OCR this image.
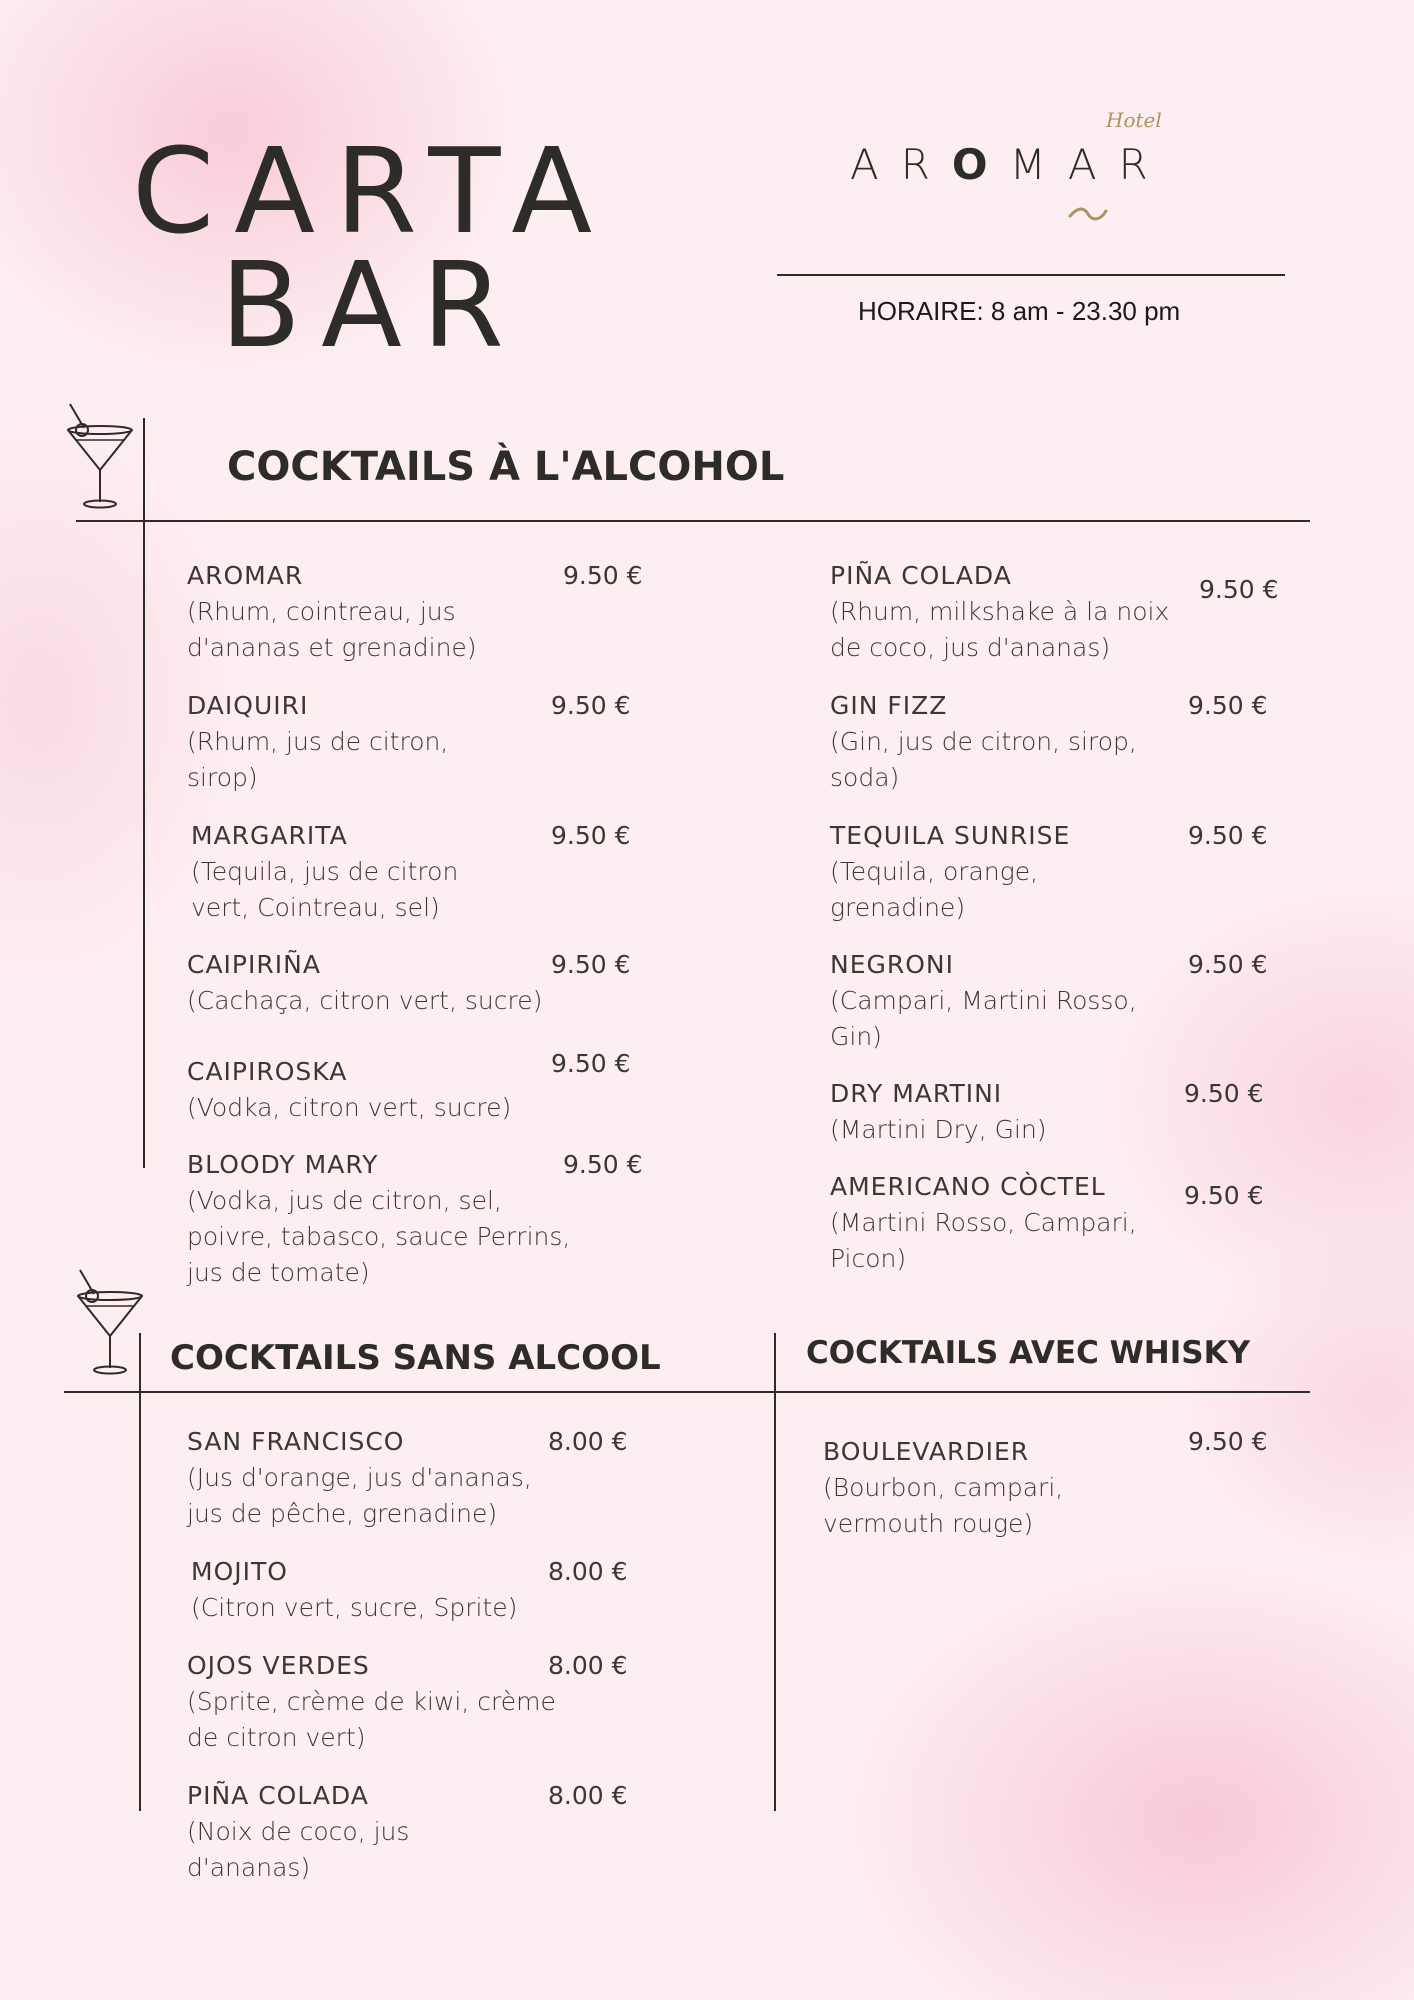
CARTA
BAR
Hotel
AROMAR
HORAIRE: 8 am - 23.30 pm
COCKTAILS À L'ALCOHOL
AROMAR
(Rhum, cointreau, jus d'ananas et grenadine)
9.50 €
DAIQUIRI
(Rhum, jus de citron, sirop)
9.50 €
MARGARITA
(Tequila, jus de citron vert, Cointreau, sel)
9.50 €
CAIPIRIÑA
(Cachaça, citron vert, sucre)
9.50 €
CAIPIROSKA
(Vodka, citron vert, sucre)
9.50 €
BLOODY MARY
(Vodka, jus de citron, sel, poivre, tabasco, sauce Perrins, jus de tomate)
9.50 €
PIÑA COLADA
(Rhum, milkshake à la noix de coco, jus d'ananas)
9.50 €
GIN FIZZ
(Gin, jus de citron, sirop, soda)
9.50 €
TEQUILA SUNRISE
(Tequila, orange, grenadine)
9.50 €
NEGRONI
(Campari, Martini Rosso, Gin)
9.50 €
DRY MARTINI
(Martini Dry, Gin)
9.50 €
AMERICANO CÒCTEL
(Martini Rosso, Campari, Picon)
9.50 €
COCKTAILS SANS ALCOOL	COCKTAILS AVEC WHISKY
SAN FRANCISCO
(Jus d'orange, jus d'ananas, jus de pêche, grenadine)
8.00 €
MOJITO
(Citron vert, sucre, Sprite)
8.00 €
OJOS VERDES
(Sprite, crème de kiwi, crème de citron vert)
8.00 €
PIÑA COLADA
(Noix de coco, jus d'ananas)
8.00 €
BOULEVARDIER
(Bourbon, campari, vermouth rouge)
9.50 €
